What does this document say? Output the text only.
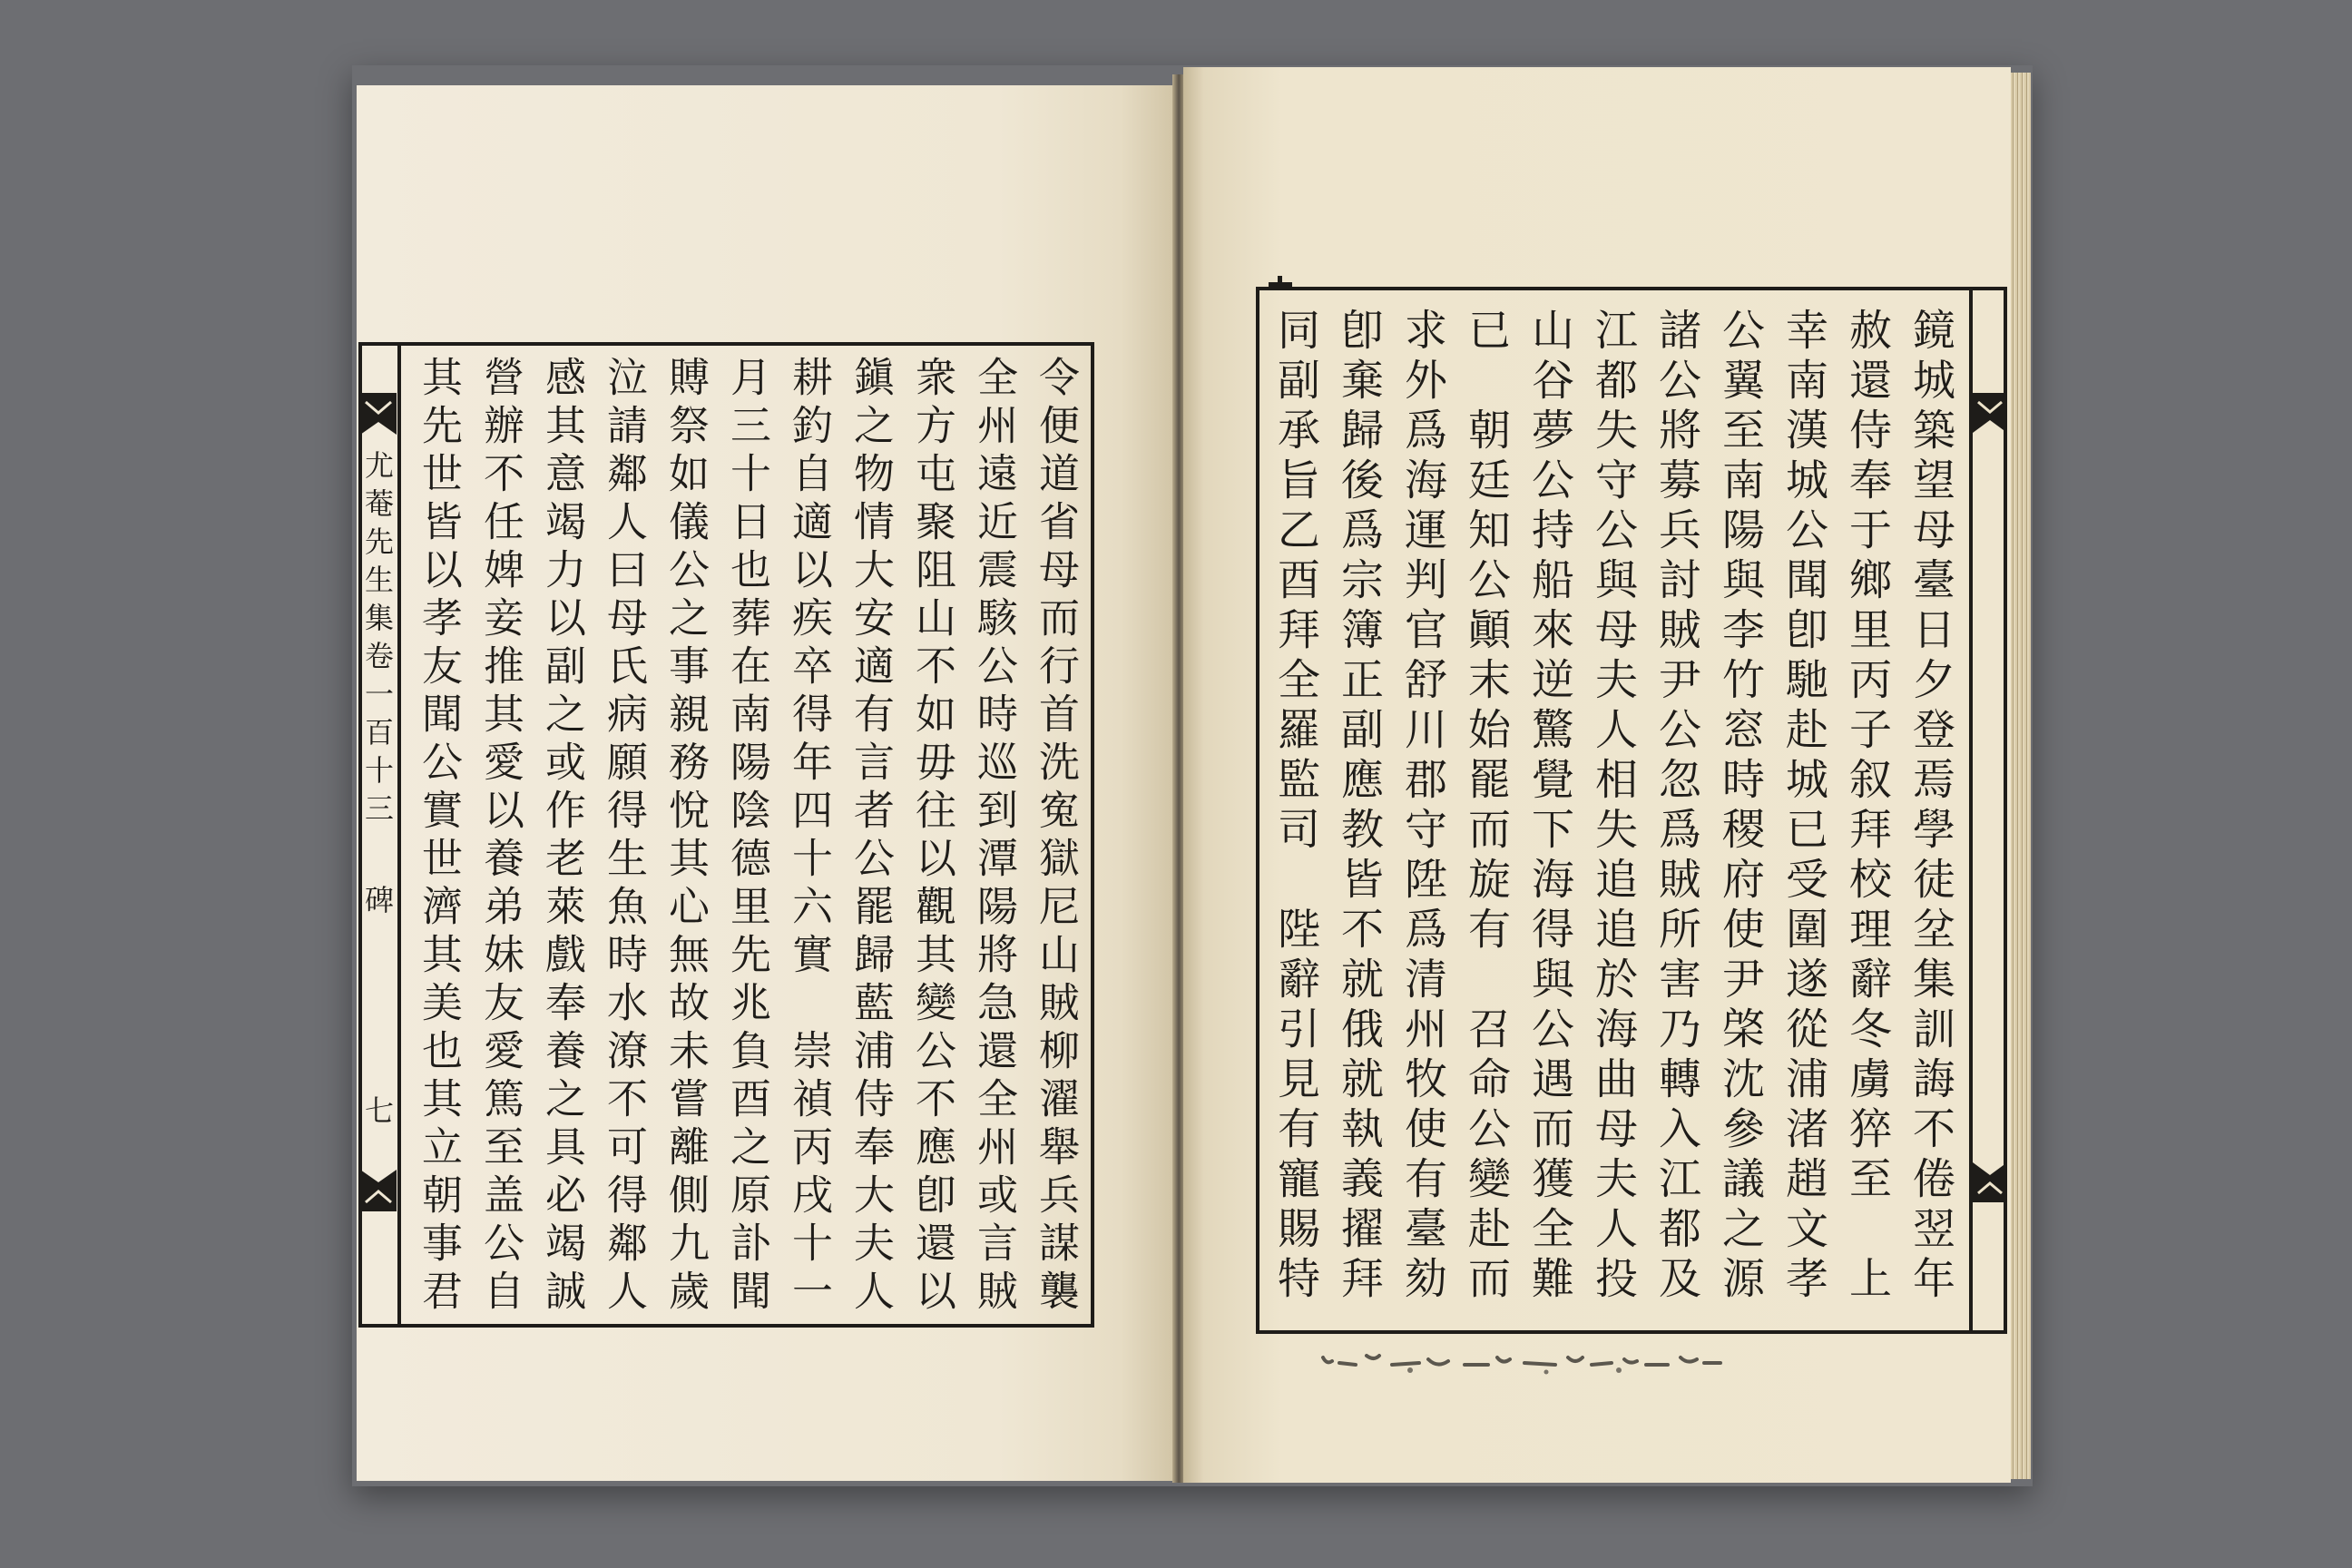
尤菴先生集卷一百十三
碑
七	令便道省母而行首洗寃獄尼山賊柳濯舉兵謀襲
全州遠近震駭公時巡到潭陽將急還全州或言賊
衆方屯聚阻山不如毋往以觀其變公不應卽還以
鎭之物情大安適有言者公罷歸藍浦侍奉大夫人
耕釣自適以疾卒得年四十六實　崇禎丙戌十一
月三十日也葬在南陽陰德里先兆負酉之原訃聞
賻祭如儀公之事親務悅其心無故未嘗離側九歲
泣請鄰人曰母氏病願得生魚時水潦不可得鄰人
感其意竭力以副之或作老萊戲奉養之具必竭誠
營辦不任婢妾推其愛以養弟妹友愛篤至盖公自
其先世皆以孝友聞公實世濟其美也其立朝事君	鏡城築望母臺日夕登焉學徒坌集訓誨不倦翌年
赦還侍奉于鄉里丙子叙拜校理辭冬虜猝至　上
幸南漢城公聞卽馳赴城已受圍遂從浦渚趙文孝
公翼至南陽與李竹窓時稷府使尹棨沈參議之源
諸公將募兵討賊尹公忽爲賊所害乃轉入江都及
江都失守公與母夫人相失追追於海曲母夫人投
山谷夢公持船來逆驚覺下海得與公遇而獲全難
已　朝廷知公顚末始罷而旋有　召命公變赴而
求外爲海運判官舒川郡守陞爲清州牧使有臺劾
卽棄歸後爲宗簿正副應教皆不就俄就執義擢拜
同副承旨乙酉拜全羅監司　陛辭引見有寵賜特
